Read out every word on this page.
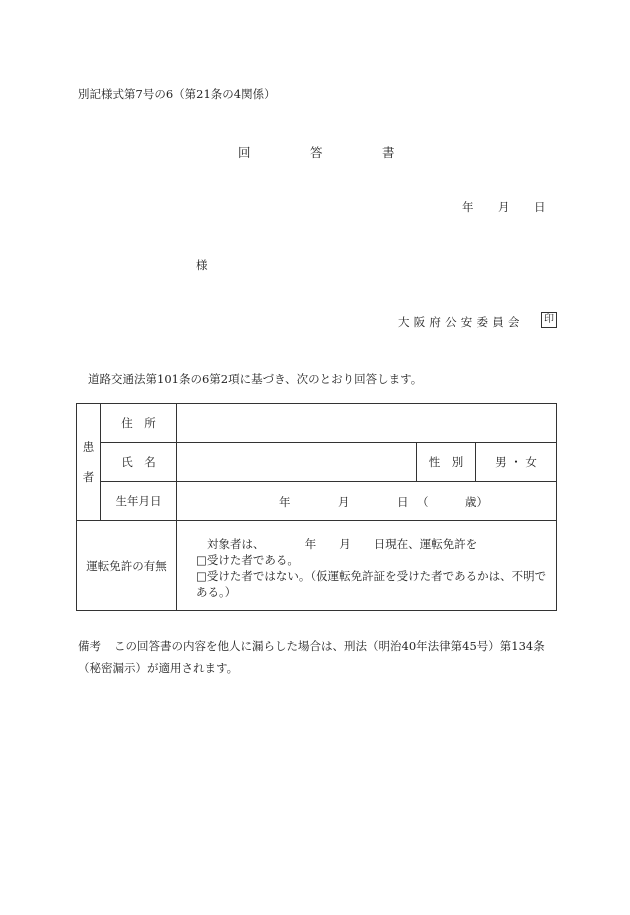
別記様式第7号の6（第21条の4関係）
回	答	書
年 月 日
様
大阪府公安委員会	印
道路交通法第101条の6第2項に基づき、次のとおり回答します。
患
者	住　所			
	氏　名		性　別	男 ・ 女
	生年月日	年 月 日 （ 歳）		

運転免許の有無		対象者は、　　　　年　　月　　日現在、運転免許を
□受けた者である。
□受けた者ではない。（仮運転免許証を受けた者であるかは、不明である。）		
備考 この回答書の内容を他人に漏らした場合は、刑法（明治40年法律第45号）第134条（秘密漏示）が適用されます。
